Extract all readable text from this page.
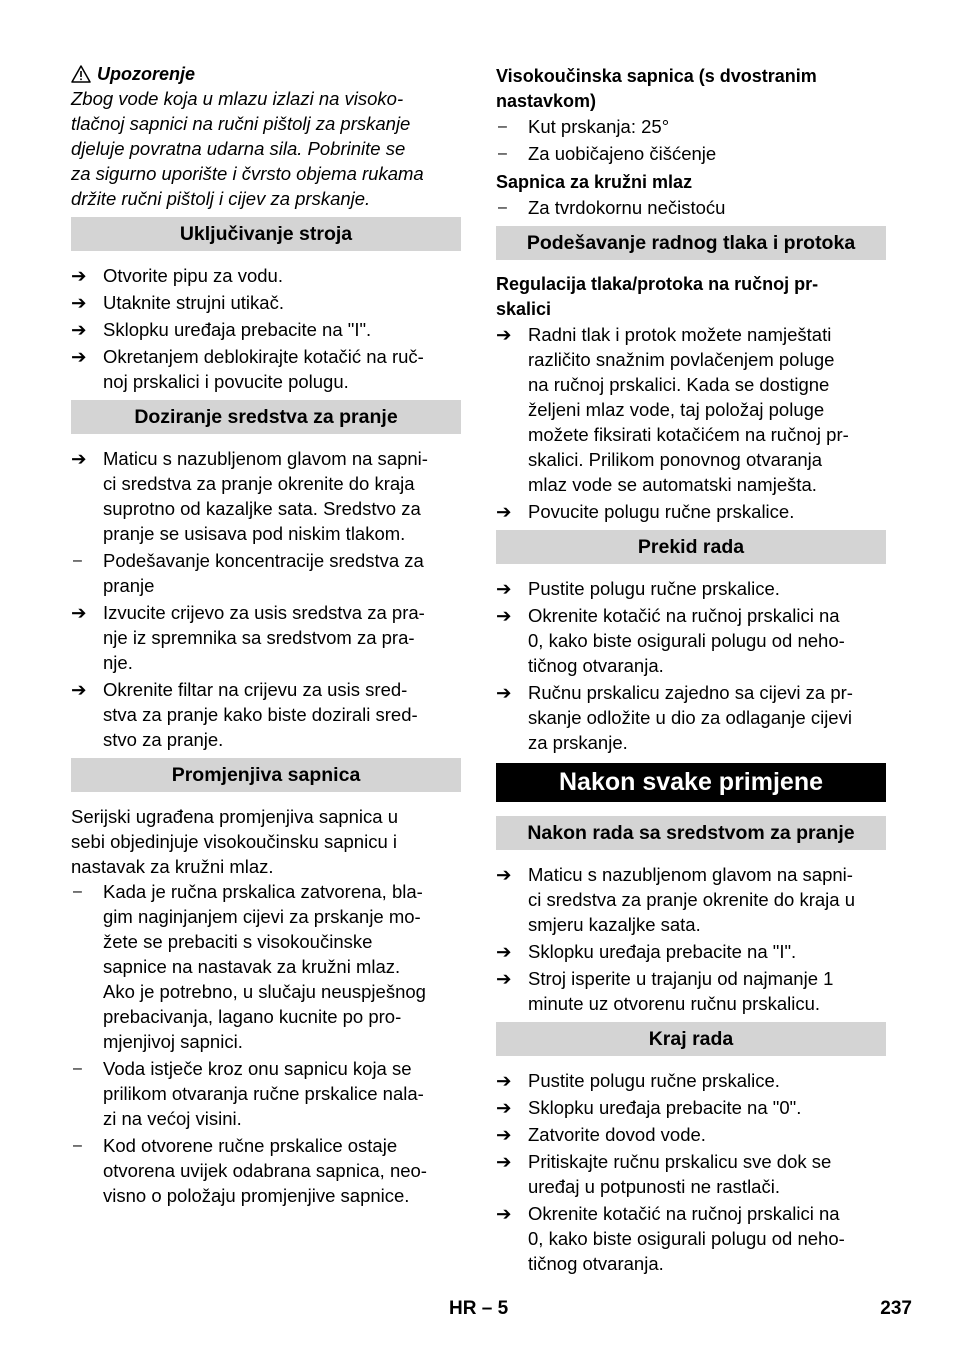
Upozorenje
Zbog vode koja u mlazu izlazi na visoko-
tlačnoj sapnici na ručni pištolj za prskanje
djeluje povratna udarna sila. Pobrinite se
za sigurno uporište i čvrsto objema rukama
držite ručni pištolj i cijev za prskanje.
Uključivanje stroja
➔ Otvorite pipu za vodu.
➔ Utaknite strujni utikač.
➔ Sklopku uređaja prebacite na "I".
➔ Okretanjem deblokirajte kotačić na ruč-
noj prskalici i povucite polugu.
Doziranje sredstva za pranje
➔ Maticu s nazubljenom glavom na sapni-
ci sredstva za pranje okrenite do kraja
suprotno od kazaljke sata. Sredstvo za
pranje se usisava pod niskim tlakom.
–	Podešavanje koncentracije sredstva za
pranje
➔ Izvucite crijevo za usis sredstva za pra-
nje iz spremnika sa sredstvom za pra-
nje.
➔ Okrenite filtar na crijevu za usis sred-
stva za pranje kako biste dozirali sred-
stvo za pranje.
Promjenjiva sapnica
Serijski ugrađena promjenjiva sapnica u
sebi objedinjuje visokoučinsku sapnicu i
nastavak za kružni mlaz.
–	Kada je ručna prskalica zatvorena, bla-
gim naginjanjem cijevi za prskanje mo-
žete se prebaciti s visokoučinske
sapnice na nastavak za kružni mlaz.
Ako je potrebno, u slučaju neuspješnog
prebacivanja, lagano kucnite po pro-
mjenjivoj sapnici.
–	Voda istječe kroz onu sapnicu koja se
prilikom otvaranja ručne prskalice nala-
zi na većoj visini.
–	Kod otvorene ručne prskalice ostaje
otvorena uvijek odabrana sapnica, neo-
visno o položaju promjenjive sapnice.
Visokoučinska sapnica (s dvostranim
nastavkom)
–	Kut prskanja: 25°
–	Za uobičajeno čišćenje
Sapnica za kružni mlaz
–	Za tvrdokornu nečistoću
Podešavanje radnog tlaka i protoka
Regulacija tlaka/protoka na ručnoj pr-
skalici
➔ Radni tlak i protok možete namještati
različito snažnim povlačenjem poluge
na ručnoj prskalici. Kada se dostigne
željeni mlaz vode, taj položaj poluge
možete fiksirati kotačićem na ručnoj pr-
skalici. Prilikom ponovnog otvaranja
mlaz vode se automatski namješta.
➔ Povucite polugu ručne prskalice.
Prekid rada
➔ Pustite polugu ručne prskalice.
➔ Okrenite kotačić na ručnoj prskalici na
0, kako biste osigurali polugu od neho-
tičnog otvaranja.
➔ Ručnu prskalicu zajedno sa cijevi za pr-
skanje odložite u dio za odlaganje cijevi
za prskanje.
Nakon svake primjene
Nakon rada sa sredstvom za pranje
➔ Maticu s nazubljenom glavom na sapni-
ci sredstva za pranje okrenite do kraja u
smjeru kazaljke sata.
➔ Sklopku uređaja prebacite na "I".
➔ Stroj isperite u trajanju od najmanje 1
minute uz otvorenu ručnu prskalicu.
Kraj rada
➔ Pustite polugu ručne prskalice.
➔ Sklopku uređaja prebacite na "0".
➔ Zatvorite dovod vode.
➔ Pritiskajte ručnu prskalicu sve dok se
uređaj u potpunosti ne rastlači.
➔ Okrenite kotačić na ručnoj prskalici na
0, kako biste osigurali polugu od neho-
tičnog otvaranja.
HR – 5	237
